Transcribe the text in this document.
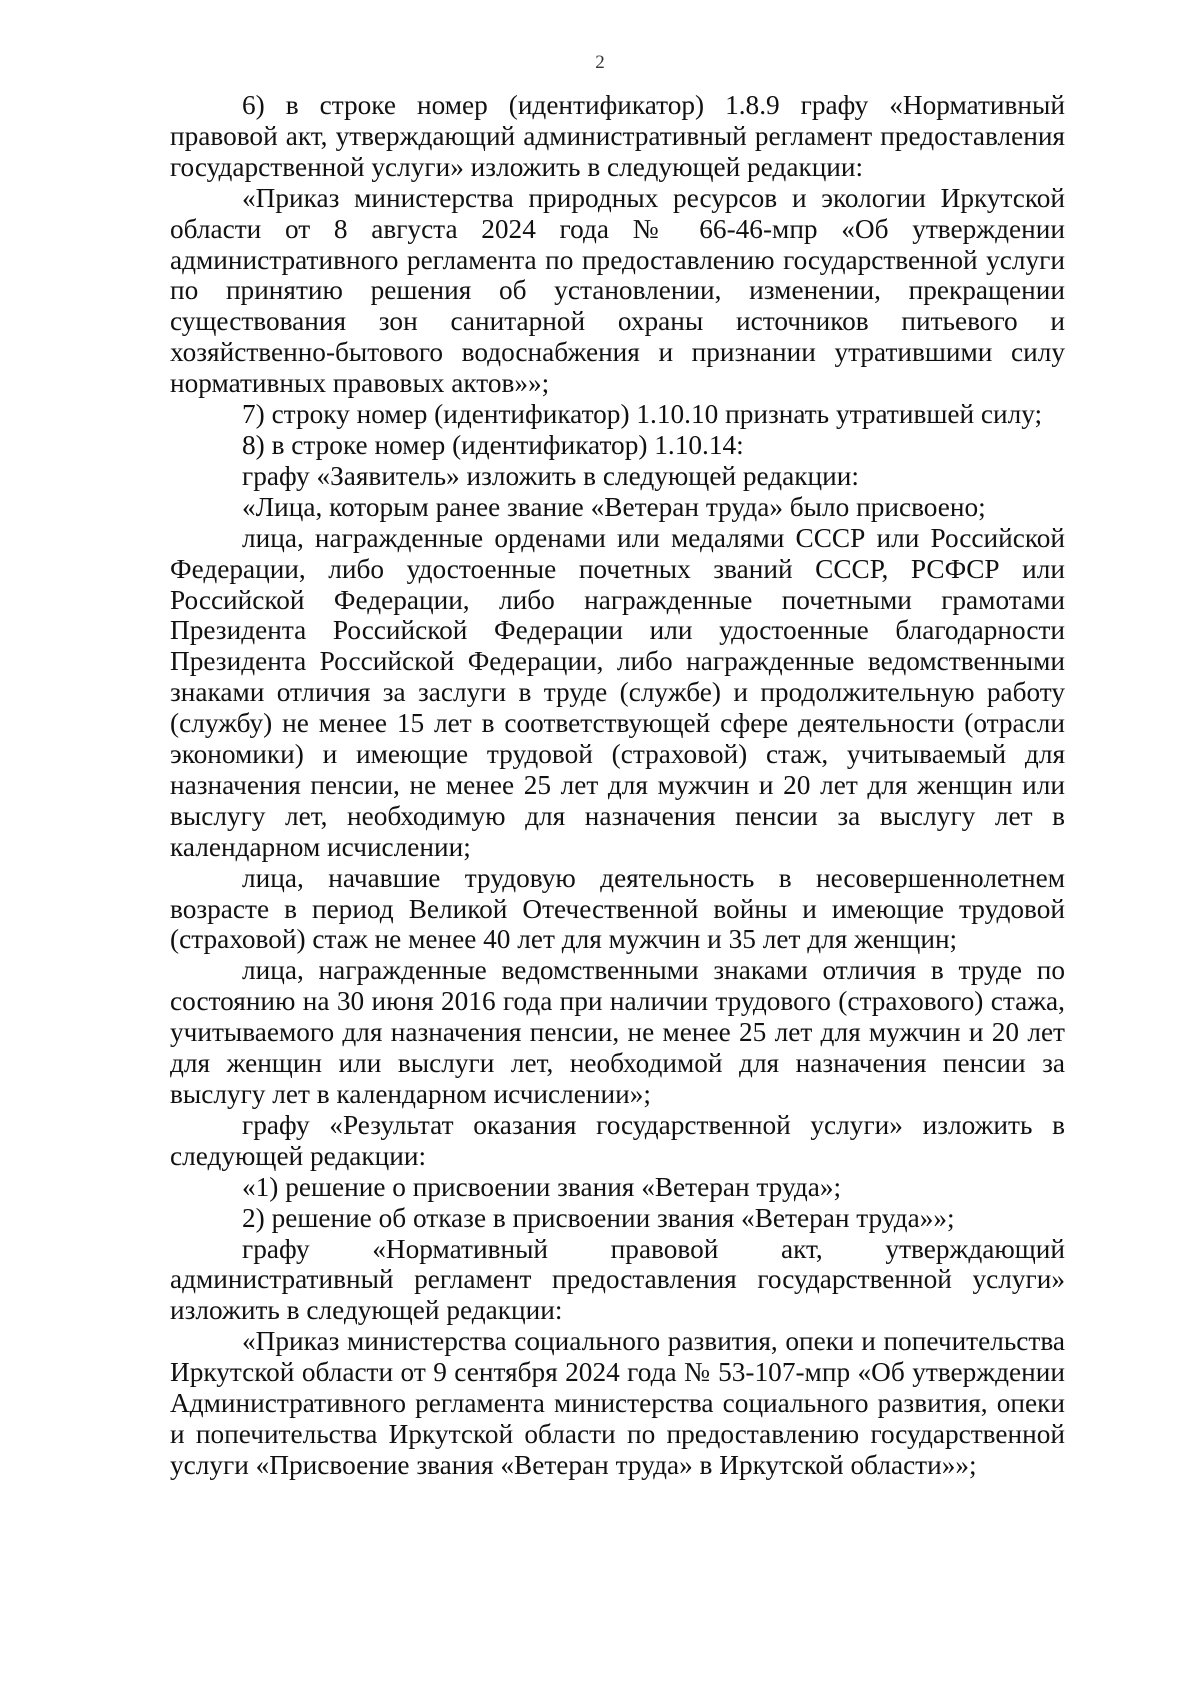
2

6) в строке номер (идентификатор) 1.8.9 графу «Нормативный правовой акт, утверждающий административный регламент предоставления государственной услуги» изложить в следующей редакции:

«Приказ министерства природных ресурсов и экологии Иркутской области от 8 августа 2024 года № 66-46-мпр «Об утверждении административного регламента по предоставлению государственной услуги по принятию решения об установлении, изменении, прекращении существования зон санитарной охраны источников питьевого и хозяйственно-бытового водоснабжения и признании утратившими силу нормативных правовых актов»»;

7) строку номер (идентификатор) 1.10.10 признать утратившей силу;

8) в строке номер (идентификатор) 1.10.14:

графу «Заявитель» изложить в следующей редакции:

«Лица, которым ранее звание «Ветеран труда» было присвоено;

лица, награжденные орденами или медалями СССР или Российской Федерации, либо удостоенные почетных званий СССР, РСФСР или Российской Федерации, либо награжденные почетными грамотами Президента Российской Федерации или удостоенные благодарности Президента Российской Федерации, либо награжденные ведомственными знаками отличия за заслуги в труде (службе) и продолжительную работу (службу) не менее 15 лет в соответствующей сфере деятельности (отрасли экономики) и имеющие трудовой (страховой) стаж, учитываемый для назначения пенсии, не менее 25 лет для мужчин и 20 лет для женщин или выслугу лет, необходимую для назначения пенсии за выслугу лет в календарном исчислении;

лица, начавшие трудовую деятельность в несовершеннолетнем возрасте в период Великой Отечественной войны и имеющие трудовой (страховой) стаж не менее 40 лет для мужчин и 35 лет для женщин;

лица, награжденные ведомственными знаками отличия в труде по состоянию на 30 июня 2016 года при наличии трудового (страхового) стажа, учитываемого для назначения пенсии, не менее 25 лет для мужчин и 20 лет для женщин или выслуги лет, необходимой для назначения пенсии за выслугу лет в календарном исчислении»;

графу «Результат оказания государственной услуги» изложить в следующей редакции:

«1) решение о присвоении звания «Ветеран труда»;

2) решение об отказе в присвоении звания «Ветеран труда»»;

графу «Нормативный правовой акт, утверждающий административный регламент предоставления государственной услуги» изложить в следующей редакции:

«Приказ министерства социального развития, опеки и попечительства Иркутской области от 9 сентября 2024 года № 53-107-мпр «Об утверждении Административного регламента министерства социального развития, опеки и попечительства Иркутской области по предоставлению государственной услуги «Присвоение звания «Ветеран труда» в Иркутской области»»;
